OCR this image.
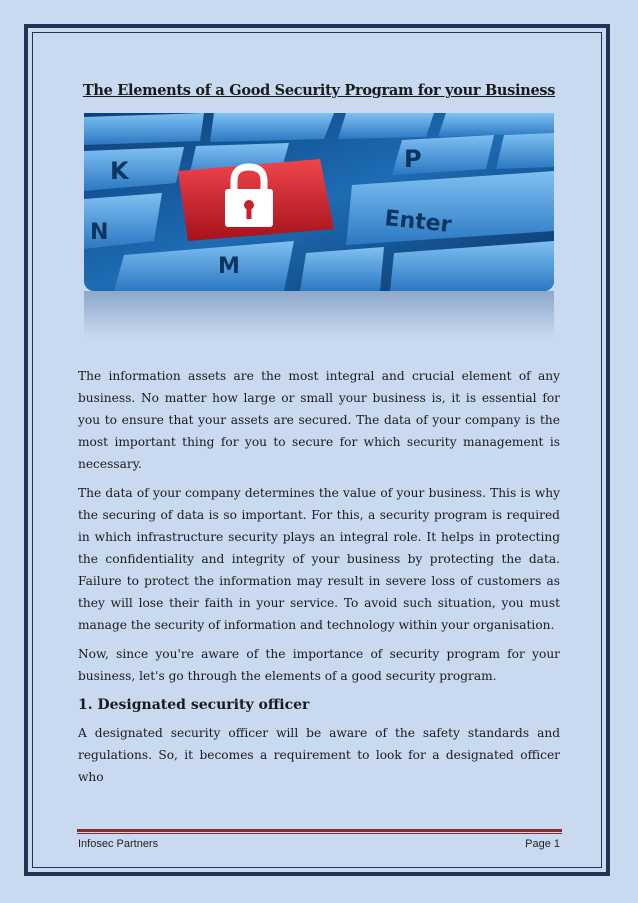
The Elements of a Good Security Program for your Business
K	P
N
M
Enter

The information assets are the most integral and crucial element of any business. No matter how large or small your business is, it is essential for you to ensure that your assets are secured. The data of your company is the most important thing for you to secure for which security management is necessary.

The data of your company determines the value of your business. This is why the securing of data is so important. For this, a security program is required in which infrastructure security plays an integral role. It helps in protecting the confidentiality and integrity of your business by protecting the data. Failure to protect the information may result in severe loss of customers as they will lose their faith in your service. To avoid such situation, you must manage the security of information and technology within your organisation.

Now, since you're aware of the importance of security program for your business, let's go through the elements of a good security program.

1. Designated security officer

A designated security officer will be aware of the safety standards and regulations. So, it becomes a requirement to look for a designated officer who

Infosec Partners	Page 1
